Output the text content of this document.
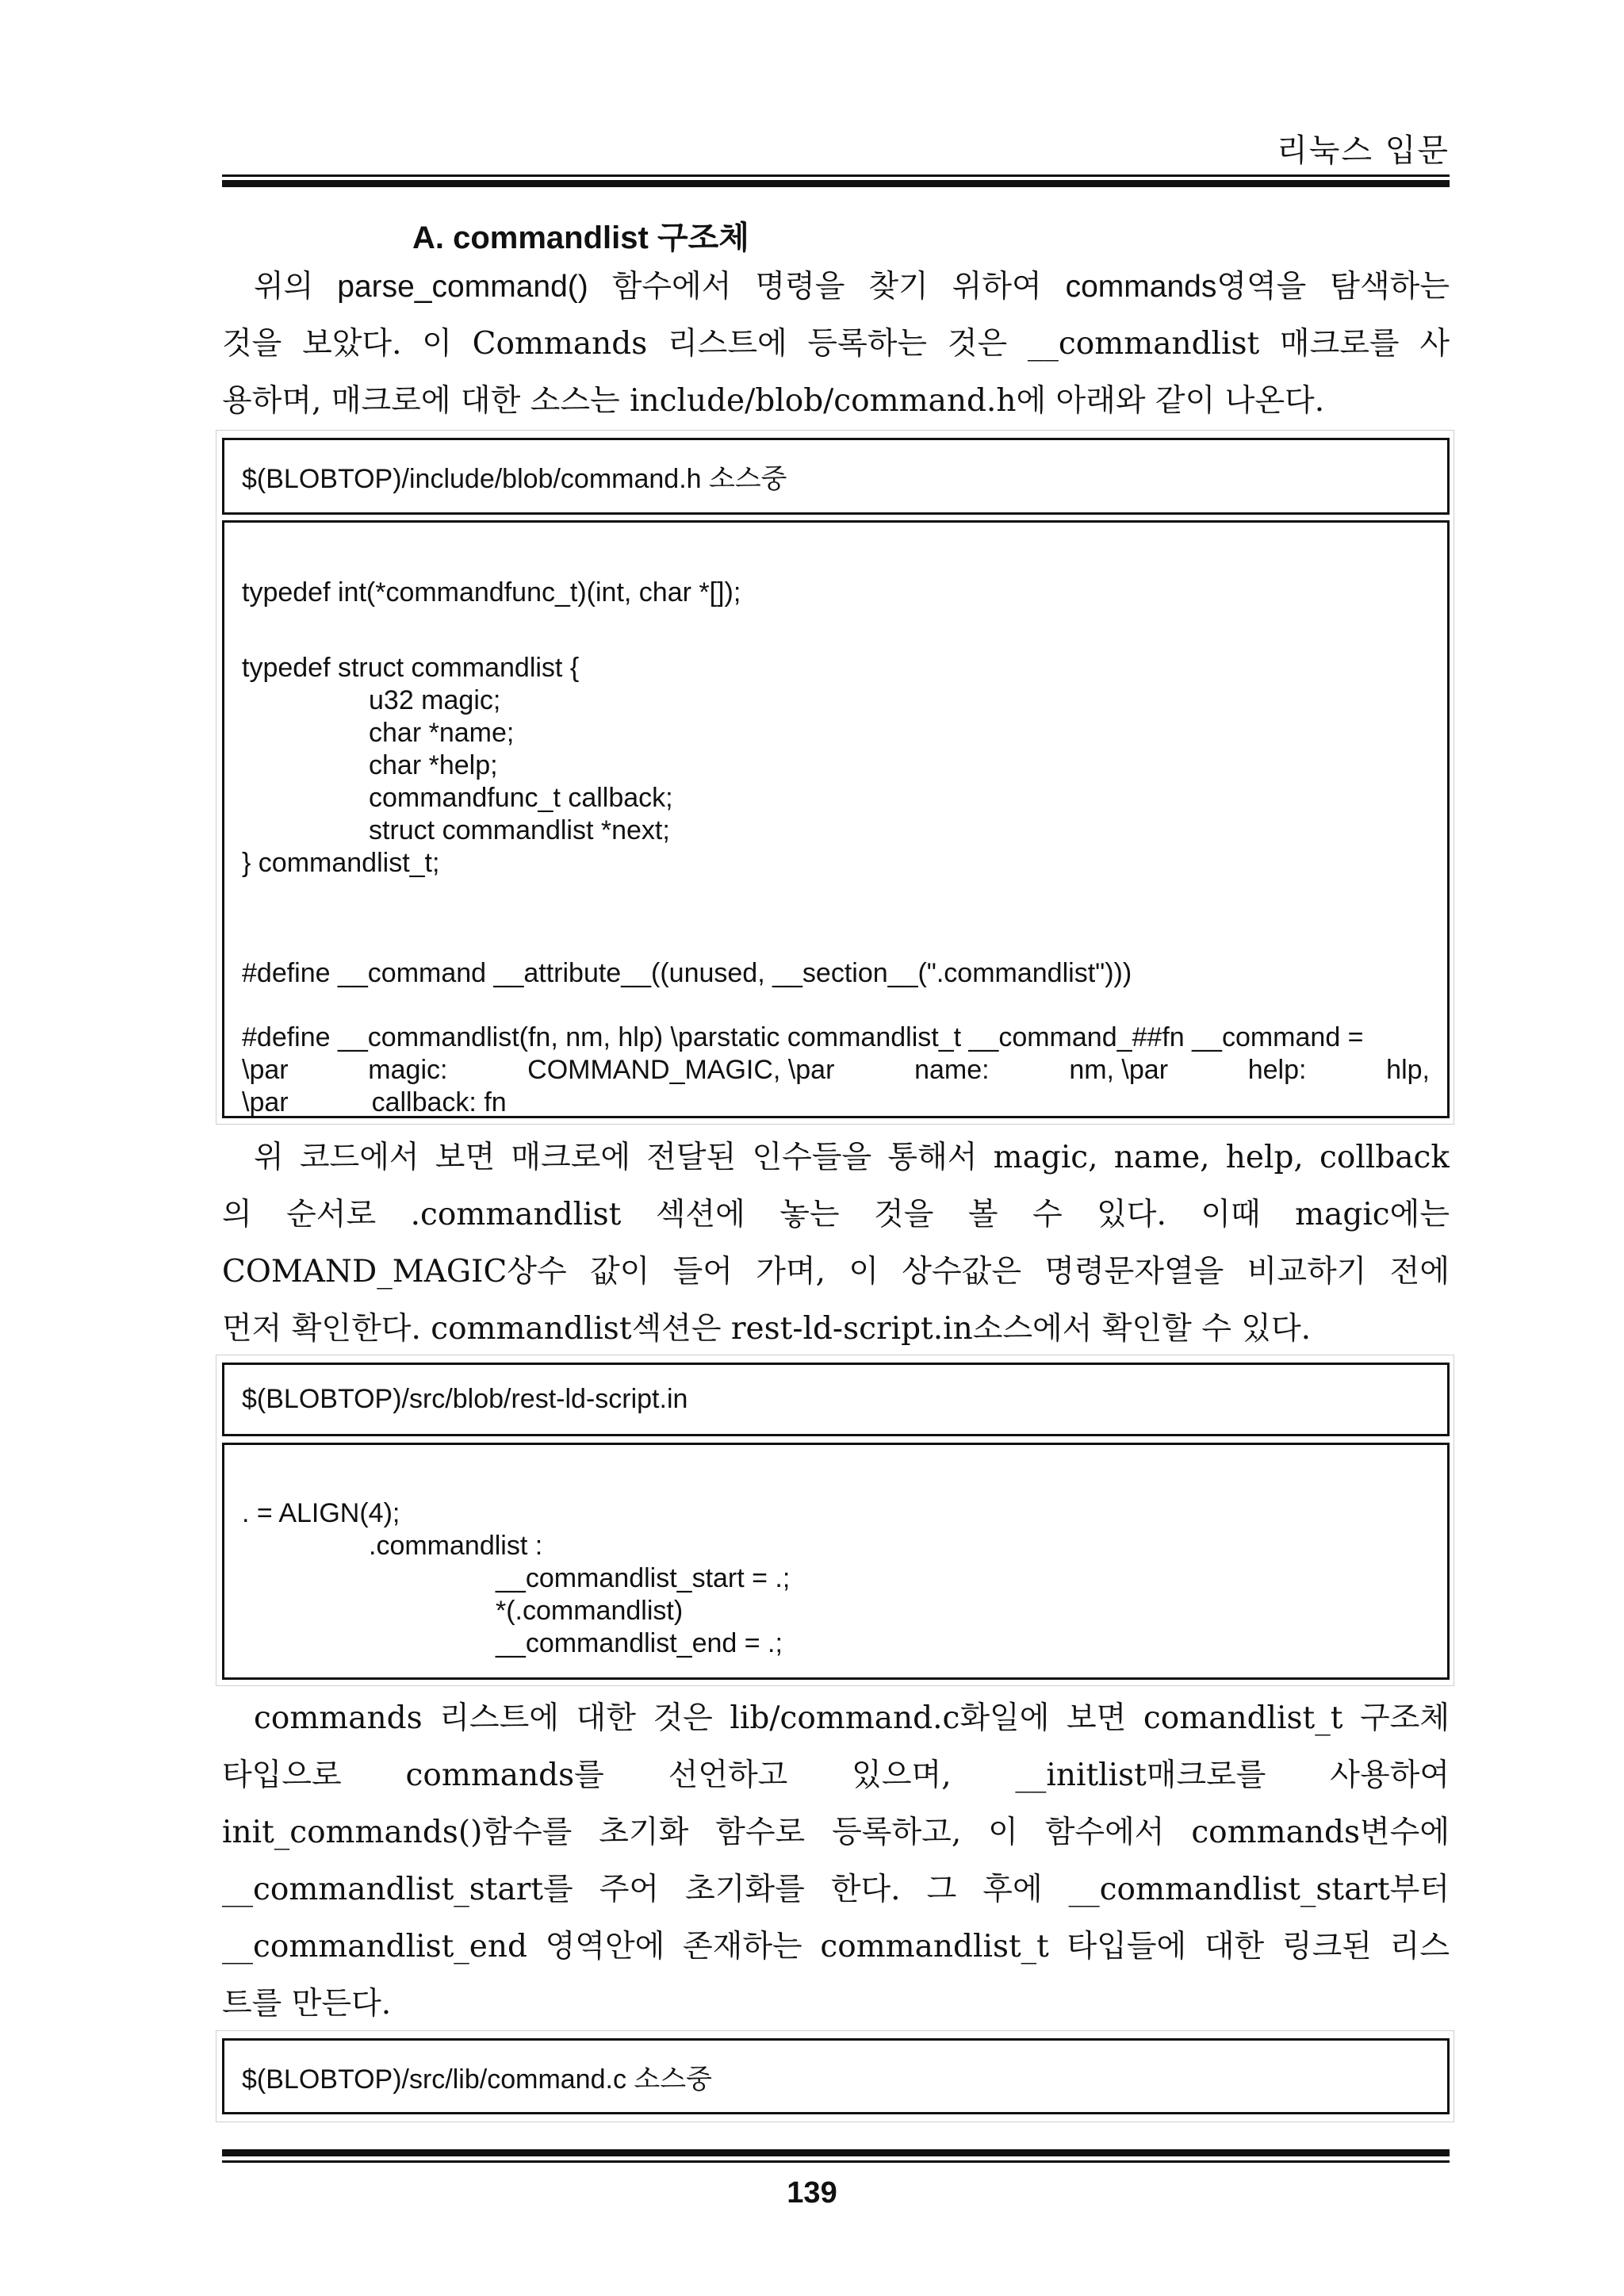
리눅스 입문
A. commandlist 구조체
위의 parse_command() 함수에서 명령을 찾기 위하여 commands영역을 탐색하는
것을 보았다. 이 Commands 리스트에 등록하는 것은 __commandlist 매크로를 사
용하며, 매크로에 대한 소스는 include/blob/command.h에 아래와 같이 나온다.
$(BLOBTOP)/include/blob/command.h 소스중
typedef int(*commandfunc_t)(int, char *[]);
typedef struct commandlist {
u32 magic;
char *name;
char *help;
commandfunc_t callback;
struct commandlist *next;
} commandlist_t;
#define __command __attribute__((unused, __section__(".commandlist")))
#define __commandlist(fn, nm, hlp) \parstatic commandlist_t __command_##fn __command =
\par	magic:	COMMAND_MAGIC, \par	name:	nm, \par	help:	hlp,
\par	callback: fn
위 코드에서 보면 매크로에 전달된 인수들을 통해서 magic, name, help, collback
의 순서로 .commandlist 섹션에 놓는 것을 볼 수 있다. 이때 magic에는
COMAND_MAGIC상수 값이 들어 가며, 이 상수값은 명령문자열을 비교하기 전에
먼저 확인한다. commandlist섹션은 rest-ld-script.in소스에서 확인할 수 있다.
$(BLOBTOP)/src/blob/rest-ld-script.in
. = ALIGN(4);
.commandlist :
__commandlist_start = .;
*(.commandlist)
__commandlist_end = .;
commands 리스트에 대한 것은 lib/command.c화일에 보면 comandlist_t 구조체
타입으로 commands를 선언하고 있으며, __initlist매크로를 사용하여
init_commands()함수를 초기화 함수로 등록하고, 이 함수에서 commands변수에
__commandlist_start를 주어 초기화를 한다. 그 후에 __commandlist_start부터
__commandlist_end 영역안에 존재하는 commandlist_t 타입들에 대한 링크된 리스
트를 만든다.
$(BLOBTOP)/src/lib/command.c 소스중
139
